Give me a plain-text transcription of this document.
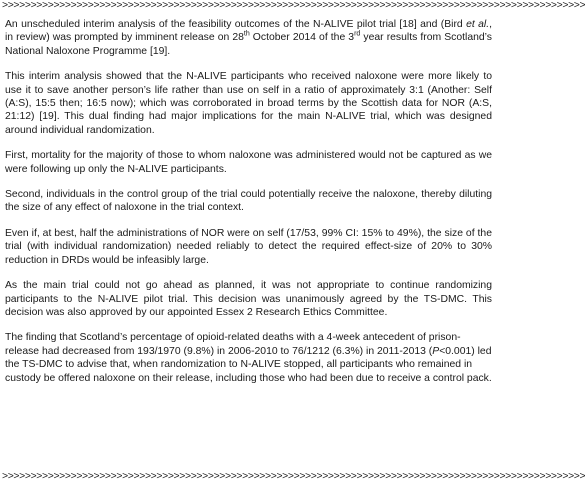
>>>>>>>>>>>>>>>>>>>>>>>>>>>>>>>>>>>>>>>>>>>>>>>>>>>>>>>>>>>>>>>>>>>>>>>>>>>>>>>>>>>>>>>>>>>>>>>>>>>>>>

An unscheduled interim analysis of the feasibility outcomes of the N-ALIVE pilot trial [18] and (Bird et al., in review) was prompted by imminent release on 28th October 2014 of the 3rd year results from Scotland’s National Naloxone Programme [19].

This interim analysis showed that the N-ALIVE participants who received naloxone were more likely to use it to save another person’s life rather than use on self in a ratio of approximately 3:1 (Another: Self (A:S), 15:5 then; 16:5 now); which was corroborated in broad terms by the Scottish data for NOR (A:S, 21:12) [19]. This dual finding had major implications for the main N-ALIVE trial, which was designed around individual randomization.

First, mortality for the majority of those to whom naloxone was administered would not be captured as we were following up only the N-ALIVE participants.

Second, individuals in the control group of the trial could potentially receive the naloxone, thereby diluting the size of any effect of naloxone in the trial context.

Even if, at best, half the administrations of NOR were on self (17/53, 99% CI: 15% to 49%), the size of the trial (with individual randomization) needed reliably to detect the required effect-size of 20% to 30% reduction in DRDs would be infeasibly large.

As the main trial could not go ahead as planned, it was not appropriate to continue randomizing participants to the N-ALIVE pilot trial. This decision was unanimously agreed by the TS-DMC. This decision was also approved by our appointed Essex 2 Research Ethics Committee.

The finding that Scotland’s percentage of opioid-related deaths with a 4-week antecedent of prison-release had decreased from 193/1970 (9.8%) in 2006-2010 to 76/1212 (6.3%) in 2011-2013 (P<0.001) led the TS-DMC to advise that, when randomization to N-ALIVE stopped, all participants who remained in custody be offered naloxone on their release, including those who had been due to receive a control pack.

>>>>>>>>>>>>>>>>>>>>>>>>>>>>>>>>>>>>>>>>>>>>>>>>>>>>>>>>>>>>>>>>>>>>>>>>>>>>>>>>>>>>>>>>>>>>>>>>>>>>>>
